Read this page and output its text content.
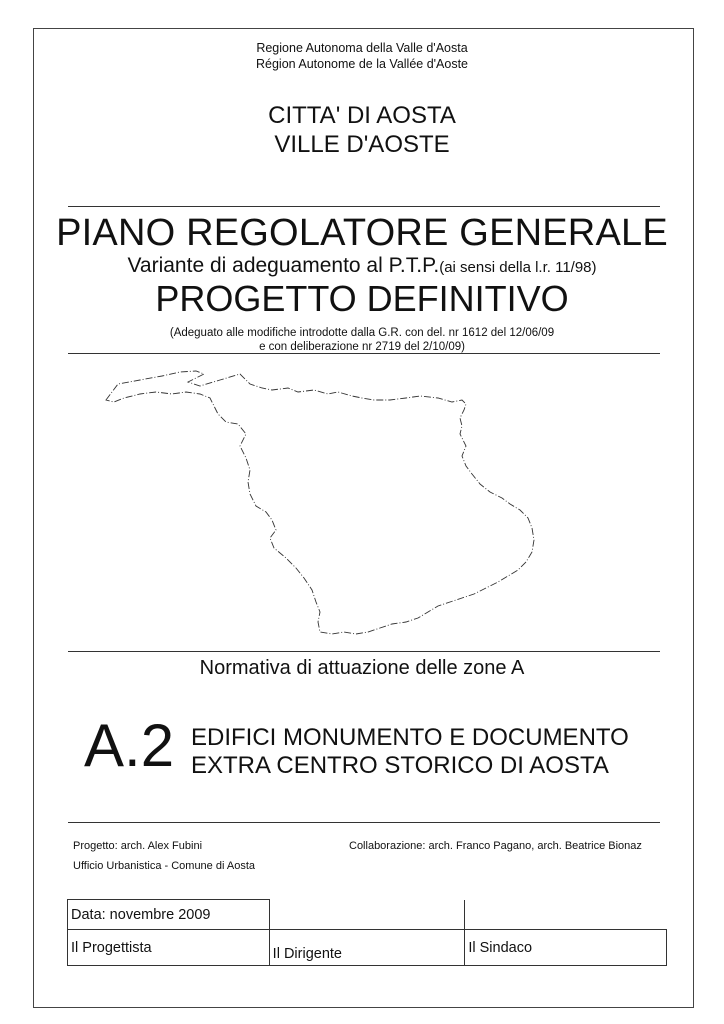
Regione Autonoma della Valle d'Aosta
Région Autonome de la Vallée d'Aoste
CITTA' DI AOSTA
VILLE D'AOSTE
PIANO REGOLATORE GENERALE
Variante di adeguamento al P.T.P.(ai sensi della l.r. 11/98)
PROGETTO DEFINITIVO
(Adeguato alle modifiche introdotte dalla G.R. con del. nr 1612 del 12/06/09
e con deliberazione nr 2719 del 2/10/09)
Normativa di attuazione delle zone A
A.2 EDIFICI MONUMENTO E DOCUMENTO
EXTRA CENTRO STORICO DI AOSTA
Progetto: arch. Alex Fubini
Ufficio Urbanistica - Comune di Aosta
Collaborazione: arch. Franco Pagano, arch. Beatrice Bionaz
Data: novembre 2009		
Il Progettista	Il Dirigente	Il Sindaco
